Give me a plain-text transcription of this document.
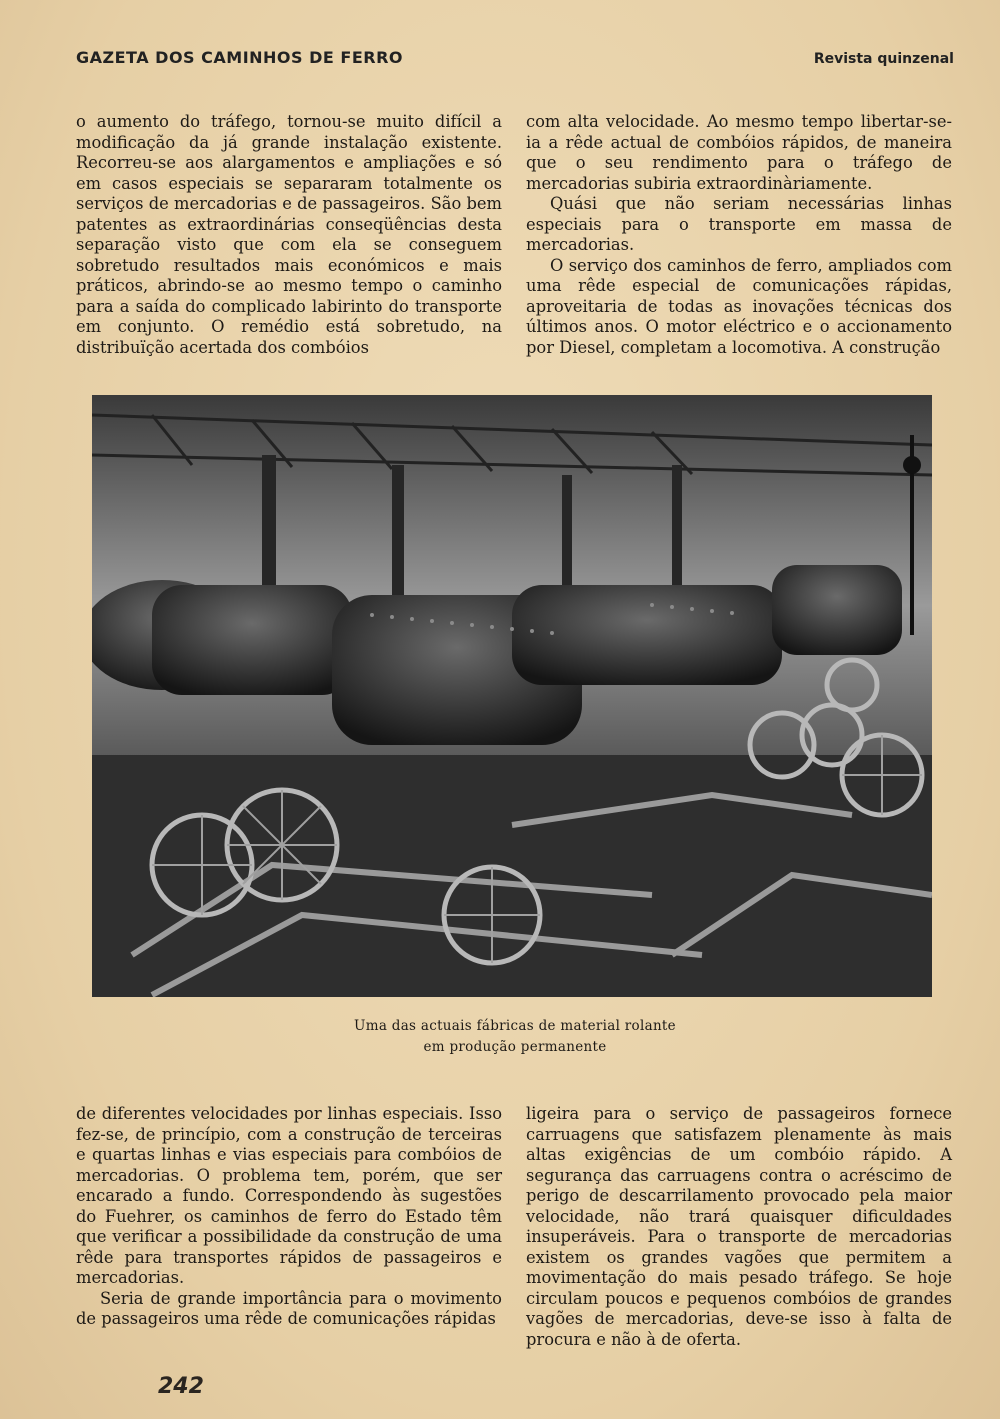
GAZETA DOS CAMINHOS DE FERRO	Revista quinzenal

o aumento do tráfego, tornou-se muito difícil a modificação da já grande instalação existente. Recorreu-se aos alargamentos e ampliações e só em casos especiais se separaram totalmente os serviços de mercadorias e de passageiros. São bem patentes as extraordinárias conseqüências desta separação visto que com ela se conseguem sobretudo resultados mais económicos e mais práticos, abrindo-se ao mesmo tempo o caminho para a saída do complicado labirinto do transporte em conjunto. O remédio está sobretudo, na distribuïção acertada dos combóios

com alta velocidade. Ao mesmo tempo libertar-se-ia a rêde actual de combóios rápidos, de maneira que o seu rendimento para o tráfego de mercadorias subiria extraordinàriamente.

Quási que não seriam necessárias linhas especiais para o transporte em massa de mercadorias.

O serviço dos caminhos de ferro, ampliados com uma rêde especial de comunicações rápidas, aproveitaria de todas as inovações técnicas dos últimos anos. O motor eléctrico e o accionamento por Diesel, completam a locomotiva. A construção

Uma das actuais fábricas de material rolante
em produção permanente

de diferentes velocidades por linhas especiais. Isso fez-se, de princípio, com a construção de terceiras e quartas linhas e vias especiais para combóios de mercadorias. O problema tem, porém, que ser encarado a fundo. Correspondendo às sugestões do Fuehrer, os caminhos de ferro do Estado têm que verificar a possibilidade da construção de uma rêde para transportes rápidos de passageiros e mercadorias.

Seria de grande importância para o movimento de passageiros uma rêde de comunicações rápidas

ligeira para o serviço de passageiros fornece carruagens que satisfazem plenamente às mais altas exigências de um combóio rápido. A segurança das carruagens contra o acréscimo de perigo de descarrilamento provocado pela maior velocidade, não trará quaisquer dificuldades insuperáveis. Para o transporte de mercadorias existem os grandes vagões que permitem a movimentação do mais pesado tráfego. Se hoje circulam poucos e pequenos combóios de grandes vagões de mercadorias, deve-se isso à falta de procura e não à de oferta.

242
